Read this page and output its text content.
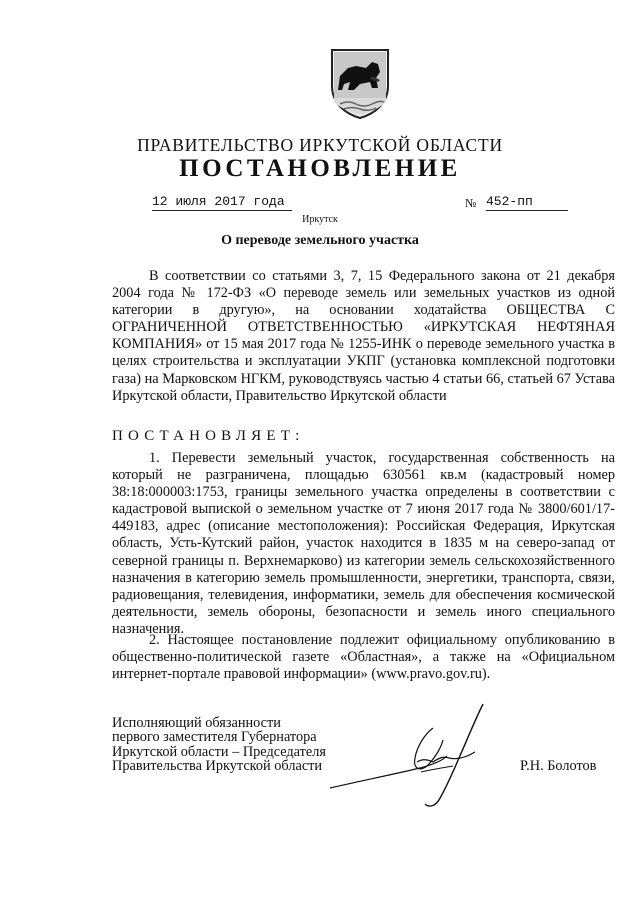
ПРАВИТЕЛЬСТВО ИРКУТСКОЙ ОБЛАСТИ
ПОСТАНОВЛЕНИЕ
12 июля 2017 года	№ 452-пп
Иркутск
О переводе земельного участка

В соответствии со статьями 3, 7, 15 Федерального закона от 21 декабря 2004 года № 172-ФЗ «О переводе земель или земельных участков из одной категории в другую», на основании ходатайства ОБЩЕСТВА С ОГРАНИЧЕННОЙ ОТВЕТСТВЕННОСТЬЮ «ИРКУТСКАЯ НЕФТЯНАЯ КОМПАНИЯ» от 15 мая 2017 года № 1255-ИНК о переводе земельного участка в целях строительства и эксплуатации УКПГ (установка комплексной подготовки газа) на Марковском НГКМ, руководствуясь частью 4 статьи 66, статьей 67 Устава Иркутской области, Правительство Иркутской области

ПОСТАНОВЛЯЕТ:

1. Перевести земельный участок, государственная собственность на который не разграничена, площадью 630561 кв.м (кадастровый номер 38:18:000003:1753, границы земельного участка определены в соответствии с кадастровой выпиской о земельном участке от 7 июня 2017 года № 3800/601/17-449183, адрес (описание местоположения): Российская Федерация, Иркутская область, Усть-Кутский район, участок находится в 1835 м на северо-запад от северной границы п. Верхнемарково) из категории земель сельскохозяйственного назначения в категорию земель промышленности, энергетики, транспорта, связи, радиовещания, телевидения, информатики, земель для обеспечения космической деятельности, земель обороны, безопасности и земель иного специального назначения.

2. Настоящее постановление подлежит официальному опубликованию в общественно-политической газете «Областная», а также на «Официальном интернет-портале правовой информации» (www.pravo.gov.ru).

Исполняющий обязанности
первого заместителя Губернатора
Иркутской области – Председателя
Правительства Иркутской области	Р.Н. Болотов
